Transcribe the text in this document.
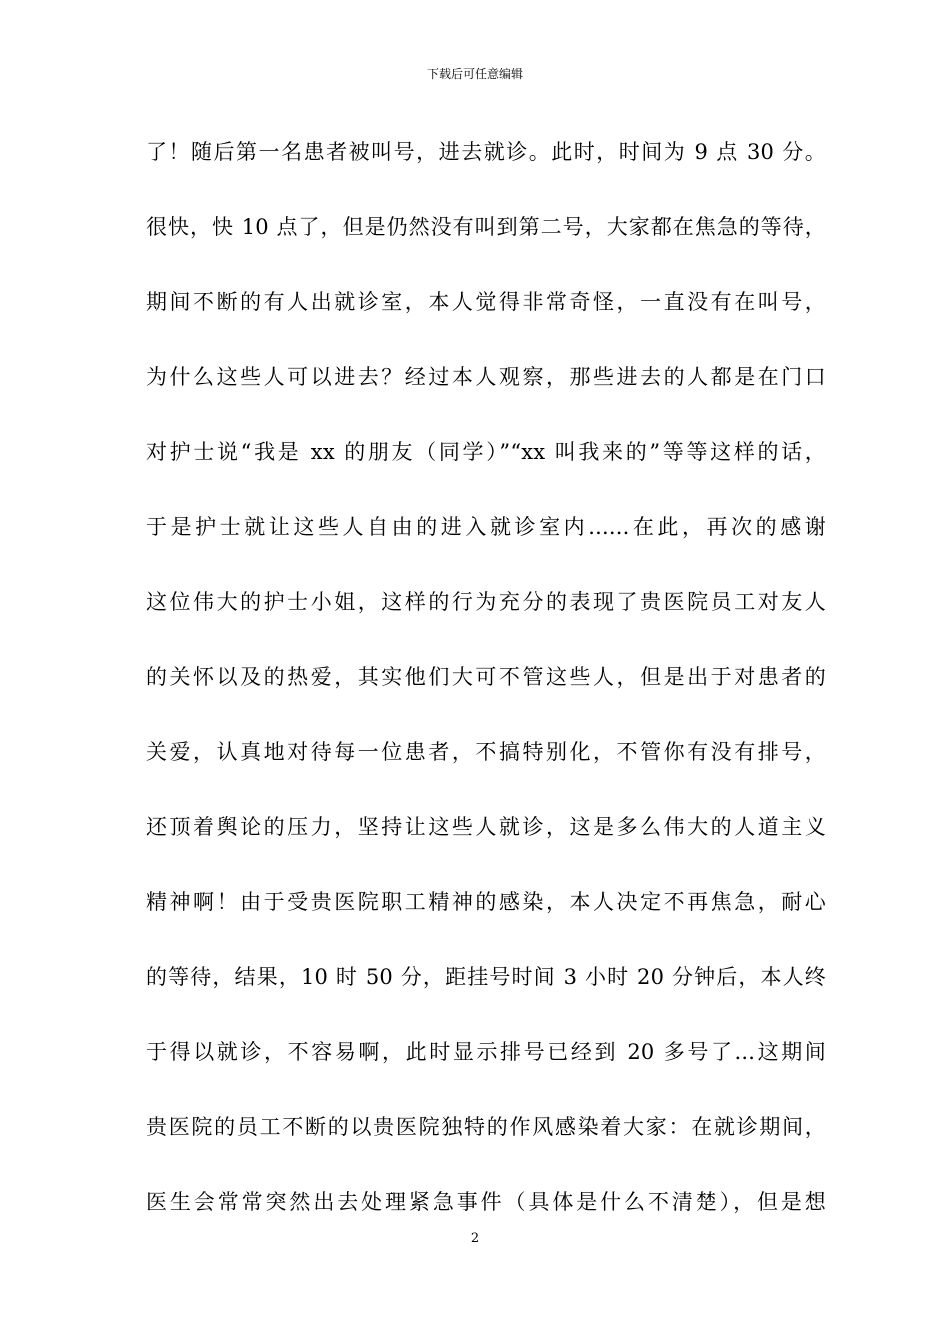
下载后可任意编辑
了！随后第一名患者被叫号，进去就诊。此时，时间为 9 点 30 分。
很快，快 10 点了，但是仍然没有叫到第二号，大家都在焦急的等待，
期间不断的有人出就诊室，本人觉得非常奇怪，一直没有在叫号，
为什么这些人可以进去？经过本人观察，那些进去的人都是在门口
对护士说“我是 xx 的朋友（同学）”“xx 叫我来的”等等这样的话，
于是护士就让这些人自由的进入就诊室内......在此，再次的感谢
这位伟大的护士小姐，这样的行为充分的表现了贵医院员工对友人
的关怀以及的热爱，其实他们大可不管这些人，但是出于对患者的
关爱，认真地对待每一位患者，不搞特别化，不管你有没有排号，
还顶着舆论的压力，坚持让这些人就诊，这是多么伟大的人道主义
精神啊！由于受贵医院职工精神的感染，本人决定不再焦急，耐心
的等待，结果，10 时 50 分，距挂号时间 3 小时 20 分钟后，本人终
于得以就诊，不容易啊，此时显示排号已经到 20 多号了...这期间
贵医院的员工不断的以贵医院独特的作风感染着大家：在就诊期间，
医生会常常突然出去处理紧急事件（具体是什么不清楚），但是想
2
